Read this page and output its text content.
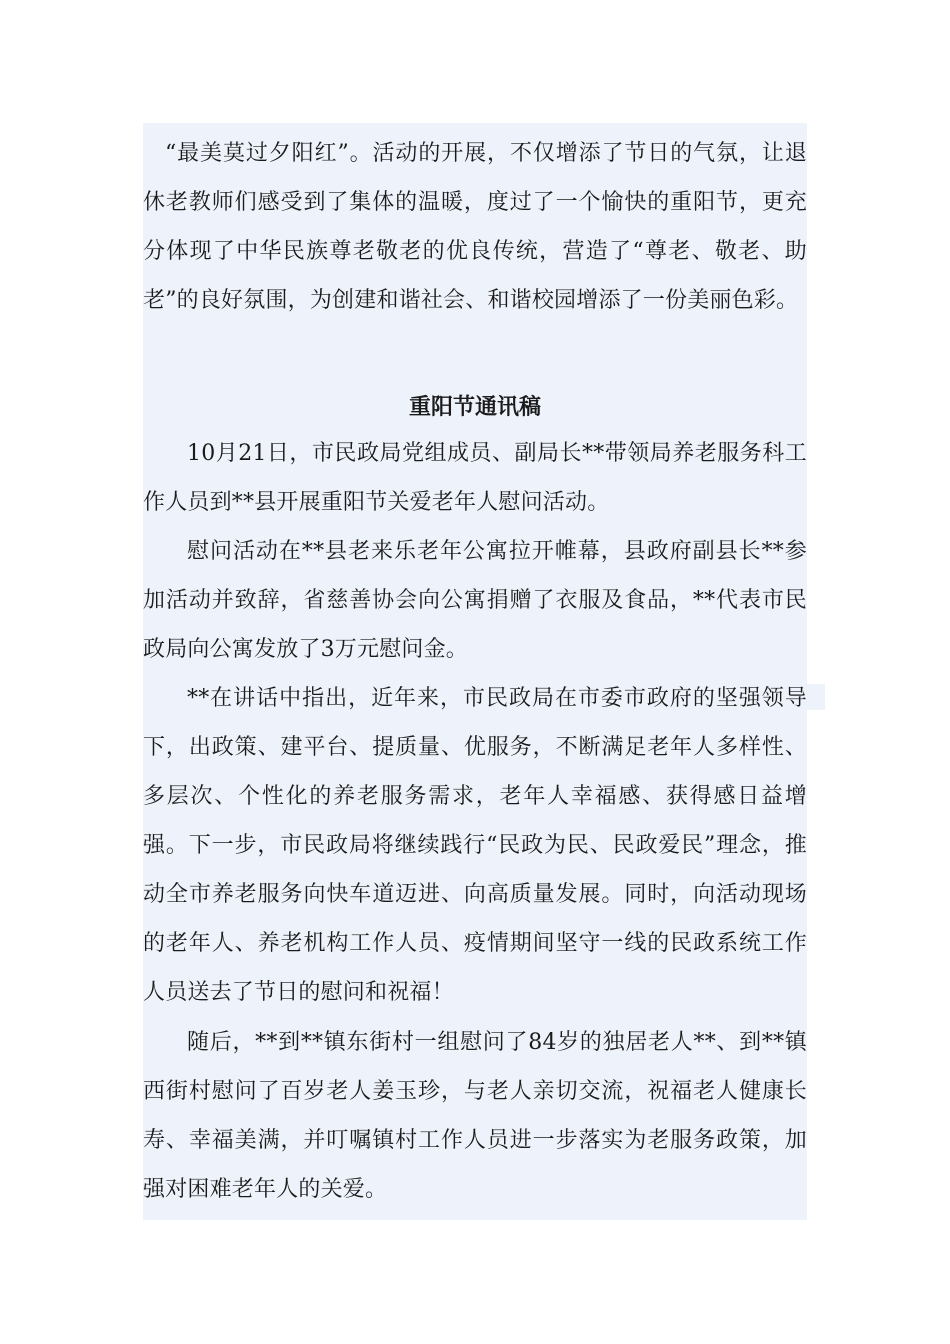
“最美莫过夕阳红”。活动的开展，不仅增添了节日的气氛，让退休老教师们感受到了集体的温暖，度过了一个愉快的重阳节，更充分体现了中华民族尊老敬老的优良传统，营造了“尊老、敬老、助老”的良好氛围，为创建和谐社会、和谐校园增添了一份美丽色彩。

重阳节通讯稿

10月21日，市民政局党组成员、副局长**带领局养老服务科工作人员到**县开展重阳节关爱老年人慰问活动。

慰问活动在**县老来乐老年公寓拉开帷幕，县政府副县长**参加活动并致辞，省慈善协会向公寓捐赠了衣服及食品，**代表市民政局向公寓发放了3万元慰问金。

**在讲话中指出，近年来，市民政局在市委市政府的坚强领导下，出政策、建平台、提质量、优服务，不断满足老年人多样性、多层次、个性化的养老服务需求，老年人幸福感、获得感日益增强。下一步，市民政局将继续践行“民政为民、民政爱民”理念，推动全市养老服务向快车道迈进、向高质量发展。同时，向活动现场的老年人、养老机构工作人员、疫情期间坚守一线的民政系统工作人员送去了节日的慰问和祝福！

随后，**到**镇东街村一组慰问了84岁的独居老人**、到**镇西街村慰问了百岁老人姜玉珍，与老人亲切交流，祝福老人健康长寿、幸福美满，并叮嘱镇村工作人员进一步落实为老服务政策，加强对困难老年人的关爱。
